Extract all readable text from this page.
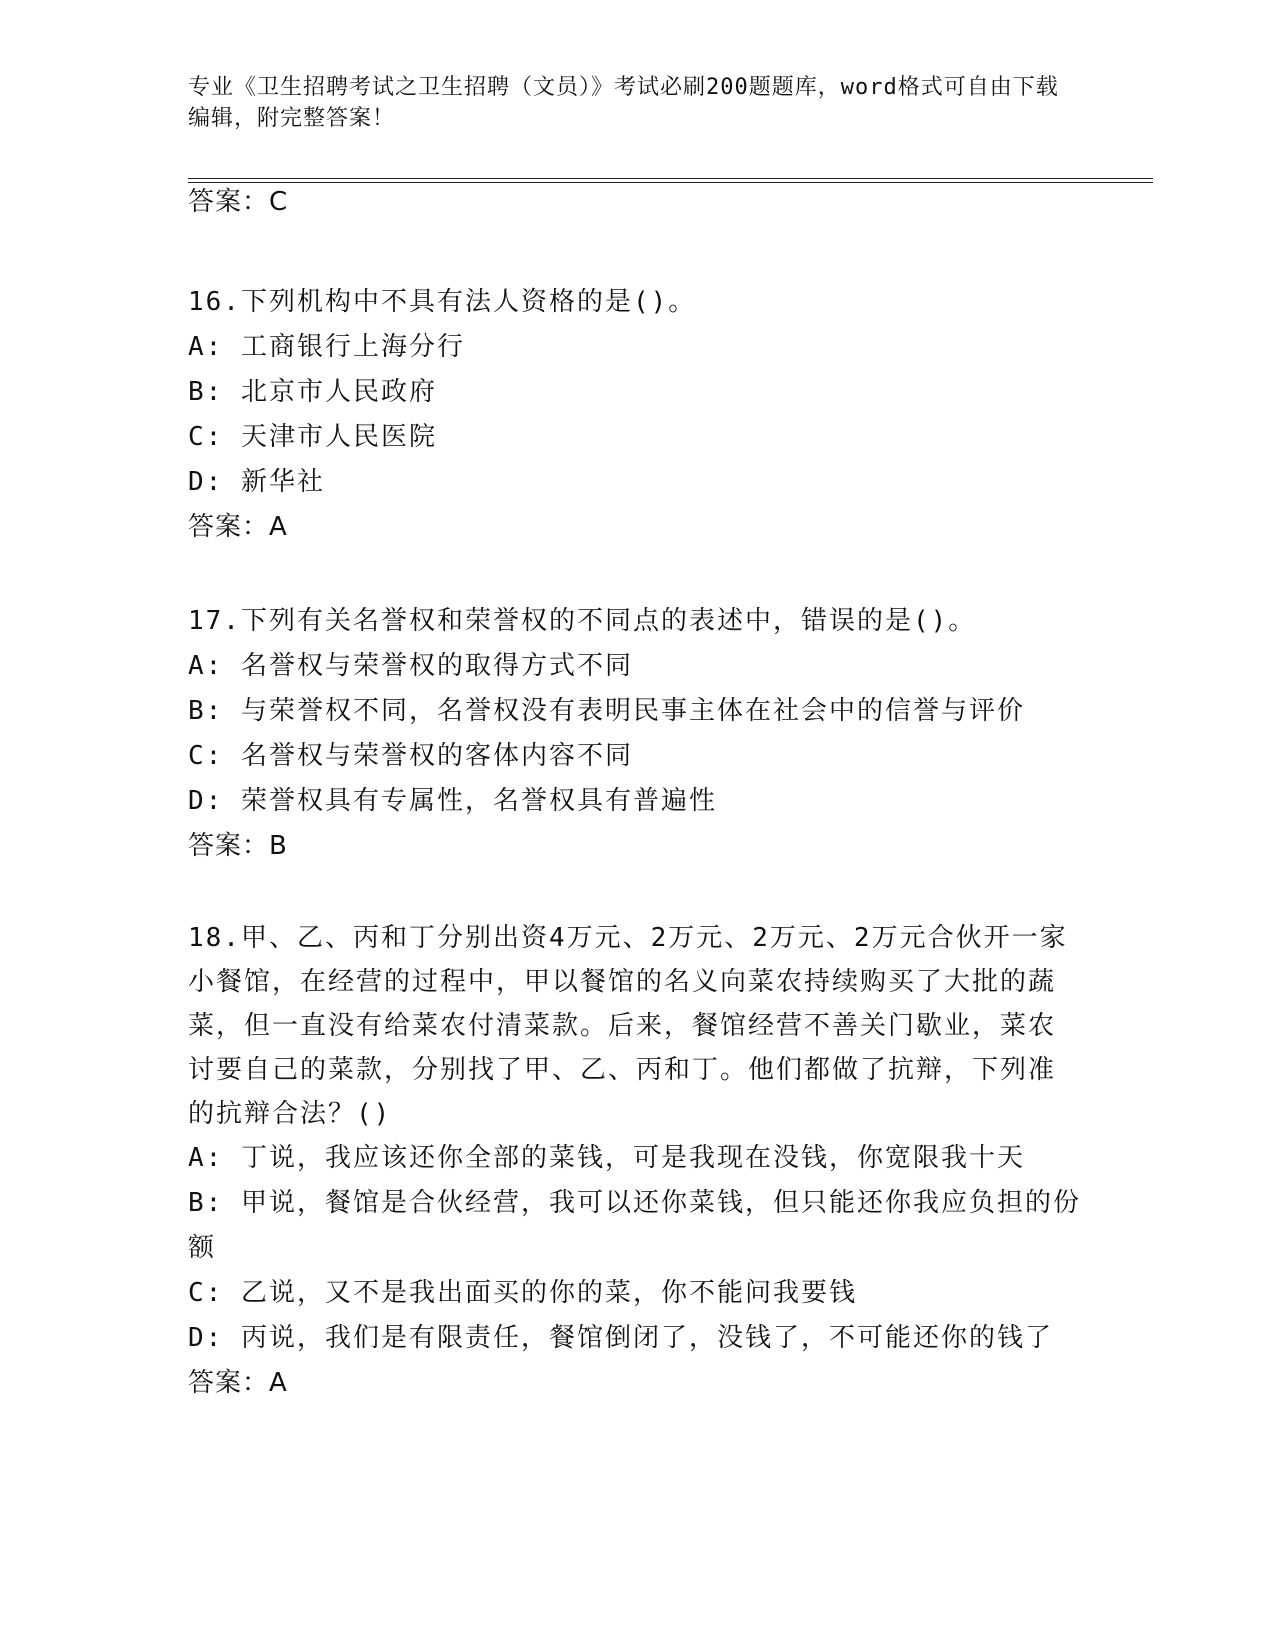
专业《卫生招聘考试之卫生招聘（文员）》考试必刷200题题库，word格式可自由下载编辑，附完整答案！
答案：C
16.下列机构中不具有法人资格的是()。
A: 工商银行上海分行
B: 北京市人民政府
C: 天津市人民医院
D: 新华社
答案：A
17.下列有关名誉权和荣誉权的不同点的表述中，错误的是()。
A: 名誉权与荣誉权的取得方式不同
B: 与荣誉权不同，名誉权没有表明民事主体在社会中的信誉与评价
C: 名誉权与荣誉权的客体内容不同
D: 荣誉权具有专属性，名誉权具有普遍性
答案：B
18.甲、乙、丙和丁分别出资4万元、2万元、2万元、2万元合伙开一家小餐馆，在经营的过程中，甲以餐馆的名义向菜农持续购买了大批的蔬菜，但一直没有给菜农付清菜款。后来，餐馆经营不善关门歇业，菜农讨要自己的菜款，分别找了甲、乙、丙和丁。他们都做了抗辩，下列准的抗辩合法？()
A: 丁说，我应该还你全部的菜钱，可是我现在没钱，你宽限我十天
B: 甲说，餐馆是合伙经营，我可以还你菜钱，但只能还你我应负担的份额
C: 乙说，又不是我出面买的你的菜，你不能问我要钱
D: 丙说，我们是有限责任，餐馆倒闭了，没钱了，不可能还你的钱了
答案：A
